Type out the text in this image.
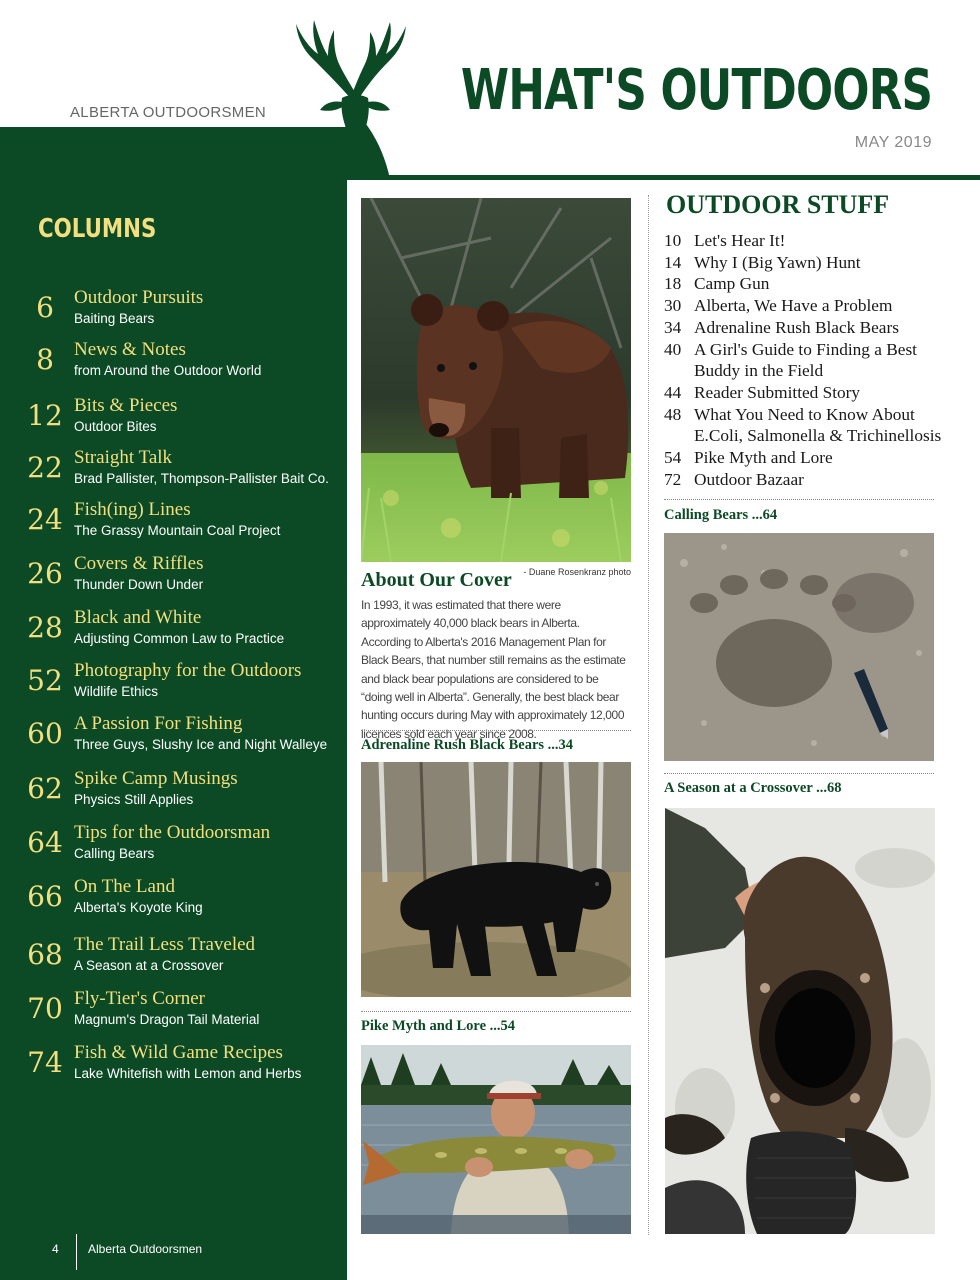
ALBERTA OUTDOORSMEN	WHAT'S OUTDOORS
MAY 2019
COLUMNS
6	Outdoor Pursuits
Baiting Bears
8	News & Notes
from Around the Outdoor World
12 Bits & Pieces
Outdoor Bites
22 Straight Talk
Brad Pallister, Thompson-Pallister Bait Co.
24 Fish(ing) Lines
The Grassy Mountain Coal Project
26 Covers & Riffles
Thunder Down Under
28 Black and White
Adjusting Common Law to Practice
52 Photography for the Outdoors
Wildlife Ethics
60 A Passion For Fishing
Three Guys, Slushy Ice and Night Walleye
62 Spike Camp Musings
Physics Still Applies
64 Tips for the Outdoorsman
Calling Bears
66 On The Land
Alberta's Koyote King
68 The Trail Less Traveled
A Season at a Crossover
70 Fly-Tier's Corner
Magnum's Dragon Tail Material
74 Fish & Wild Game Recipes
Lake Whitefish with Lemon and Herbs
4 Alberta Outdoorsmen
- Duane Rosenkranz photo
About Our Cover
In 1993, it was estimated that there were approximately 40,000 black bears in Alberta. According to Alberta's 2016 Management Plan for Black Bears, that number still remains as the estimate and black bear populations are considered to be “doing well in Alberta”. Generally, the best black bear hunting occurs during May with approximately 12,000 licences sold each year since 2008.
Adrenaline Rush Black Bears ...34
Pike Myth and Lore ...54
OUTDOOR STUFF
10 Let's Hear It!
14 Why I (Big Yawn) Hunt
18 Camp Gun
30 Alberta, We Have a Problem
34 Adrenaline Rush Black Bears
40 A Girl's Guide to Finding a Best Buddy in the Field
44 Reader Submitted Story
48 What You Need to Know About E.Coli, Salmonella & Trichinellosis
54 Pike Myth and Lore
72 Outdoor Bazaar
Calling Bears ...64
A Season at a Crossover ...68
